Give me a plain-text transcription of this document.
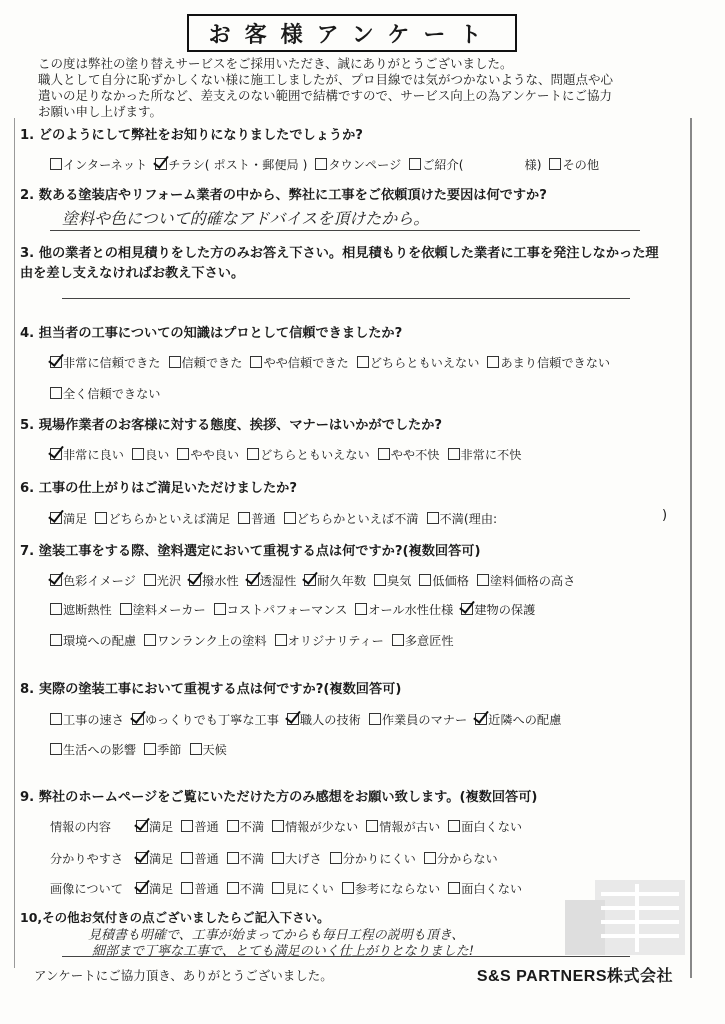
お客様アンケート
この度は弊社の塗り替えサービスをご採用いただき、誠にありがとうございました。
職人として自分に恥ずかしくない様に施工しましたが、プロ目線では気がつかないような、問題点や心
遣いの足りなかった所など、差支えのない範囲で結構ですので、サービス向上の為アンケートにご協力
お願い申し上げます。
1. どのようにして弊社をお知りになりましたでしょうか?
インターネット チラシ( ポスト・郵便局 ) タウンページ ご紹介(　　　　　様) その他
2. 数ある塗装店やリフォーム業者の中から、弊社に工事をご依頼頂けた要因は何ですか?
塗料や色について的確なアドバイスを頂けたから。
3. 他の業者との相見積りをした方のみお答え下さい。相見積もりを依頼した業者に工事を発注しなかった理
由を差し支えなければお教え下さい。
4. 担当者の工事についての知識はプロとして信頼できましたか?
非常に信頼できた 信頼できた やや信頼できた どちらともいえない あまり信頼できない
全く信頼できない
5. 現場作業者のお客様に対する態度、挨拶、マナーはいかがでしたか?
非常に良い 良い やや良い どちらともいえない やや不快 非常に不快
6. 工事の仕上がりはご満足いただけましたか?
満足 どちらかといえば満足 普通 どちらかといえば不満 不満(理由:	)
7. 塗装工事をする際、塗料選定において重視する点は何ですか?(複数回答可)
色彩イメージ 光沢 撥水性 透湿性 耐久年数 臭気 低価格 塗料価格の高さ
遮断熱性 塗料メーカー コストパフォーマンス オール水性仕様 建物の保護
環境への配慮 ワンランク上の塗料 オリジナリティー 多意匠性
8. 実際の塗装工事において重視する点は何ですか?(複数回答可)
工事の速さ ゆっくりでも丁寧な工事 職人の技術 作業員のマナー 近隣への配慮
生活への影響 季節 天候
9. 弊社のホームページをご覧にいただけた方のみ感想をお願い致します。(複数回答可)
情報の内容	満足 普通 不満 情報が少ない 情報が古い 面白くない
分かりやすさ 満足 普通 不満 大げさ 分かりにくい 分からない
画像について 満足 普通 不満 見にくい 参考にならない 面白くない
10,その他お気付きの点ございましたらご記入下さい。
見積書も明確で、工事が始まってからも毎日工程の説明も頂き、
細部まで丁寧な工事で、とても満足のいく仕上がりとなりました!
アンケートにご協力頂き、ありがとうございました。	S&S PARTNERS株式会社
